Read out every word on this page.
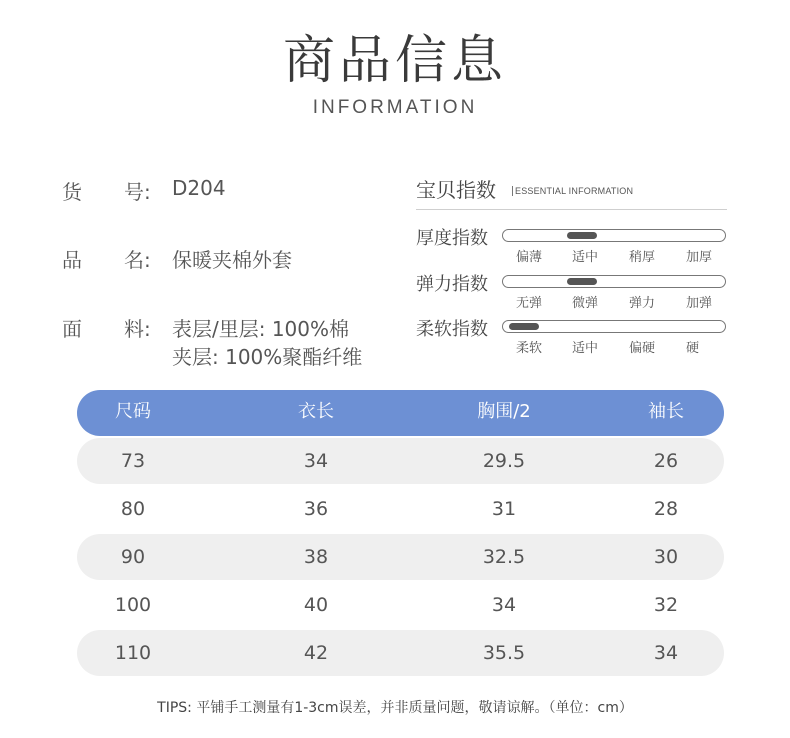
商品信息
INFORMATION
货 号: D204
品 名: 保暖夹棉外套
面 料: 表层/里层: 100%棉
夹层: 100%聚酯纤维
宝贝指数	ESSENTIAL INFORMATION
厚度指数
偏薄 适中 稍厚 加厚
弹力指数
无弹 微弹 弹力 加弹
柔软指数
柔软 适中 偏硬 硬
尺码	衣长	胸围/2	袖长
73	34	29.5	26
80	36	31	28
90	38	32.5	30
100	40	34	32
110	42	35.5	34
TIPS: 平铺手工测量有1-3cm误差，并非质量问题，敬请谅解。（单位：cm）
